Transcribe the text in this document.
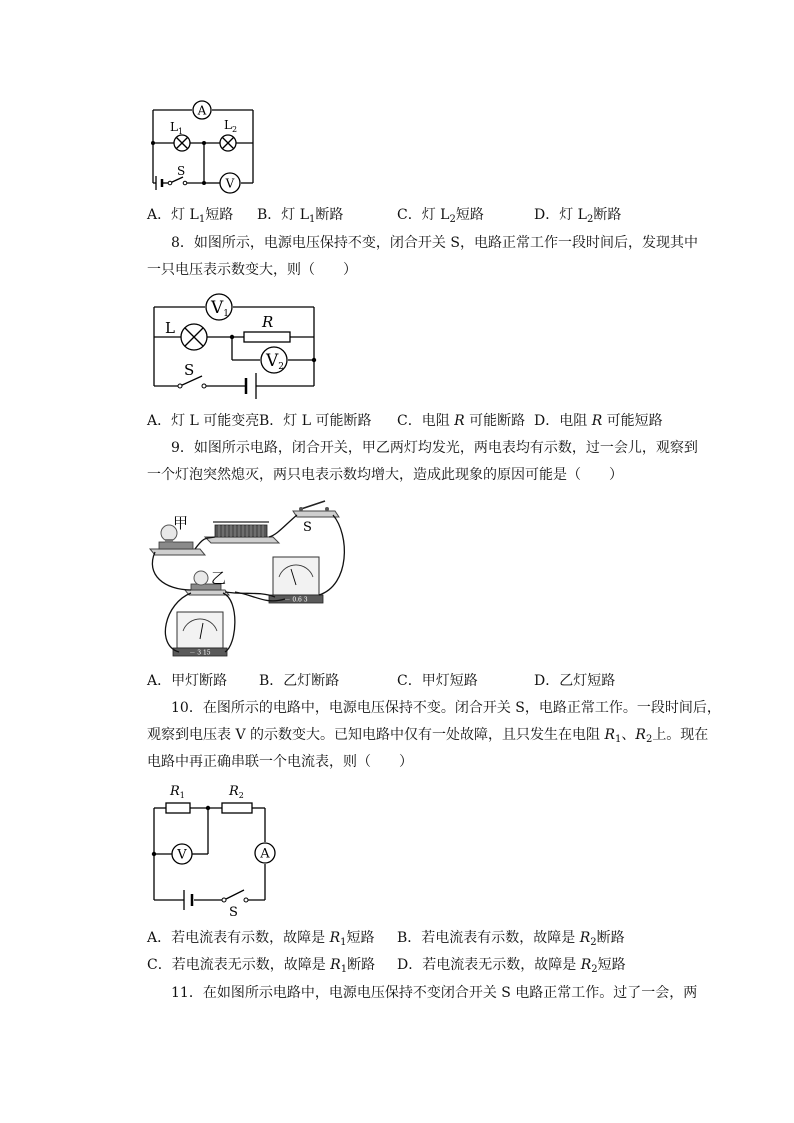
A
$L_1$	$L_2$
S
V
A．灯 $L_1$短路 B．灯 $L_1$断路	C．灯 $L_2$短路	D．灯 $L_2$断路
8．如图所示，电源电压保持不变，闭合开关 S，电路正常工作一段时间后，发现其中
一只电压表示数变大，则（　　）
V1
L	R
V2
S
A．灯 L 可能变亮 B．灯 L 可能断路 C．电阻 R 可能断路 D．电阻 R 可能短路
9．如图所示电路，闭合开关，甲乙两灯均发光，两电表均有示数，过一会儿，观察到
一个灯泡突然熄灭，两只电表示数均增大，造成此现象的原因可能是（　　）
－ 0.6 3
－ 3 15
甲
乙
S
A．甲灯断路 B．乙灯断路	C．甲灯短路	D．乙灯短路
10．在图所示的电路中，电源电压保持不变。闭合开关 S，电路正常工作。一段时间后，
观察到电压表 V 的示数变大。已知电路中仅有一处故障，且只发生在电阻 $R_1$、$R_2$上。现在
电路中再正确串联一个电流表，则（　　）
$R_1$	$R_2$
V	A
S
A．若电流表有示数，故障是 $R_1$短路 B．若电流表有示数，故障是 $R_2$断路
C．若电流表无示数，故障是 $R_1$断路 D．若电流表无示数，故障是 $R_2$短路
11．在如图所示电路中，电源电压保持不变闭合开关 S 电路正常工作。过了一会，两
